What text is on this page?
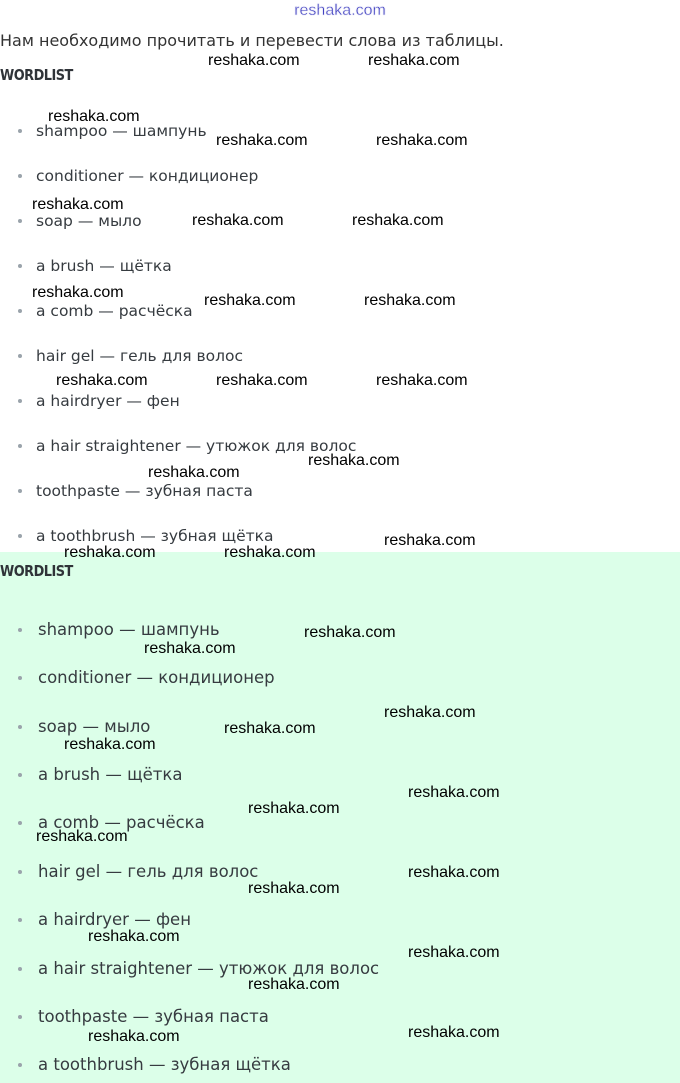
reshaka.com
Нам необходимо прочитать и перевести слова из таблицы.
WORDLIST
shampoo — шампунь
conditioner — кондиционер
soap — мыло
a brush — щётка
a comb — расчёска
hair gel — гель для волос
a hairdryer — фен
a hair straightener — утюжок для волос
toothpaste — зубная паста
a toothbrush — зубная щётка
WORDLIST
shampoo — шампунь
conditioner — кондиционер
soap — мыло
a brush — щётка
a comb — расчёска
hair gel — гель для волос
a hairdryer — фен
a hair straightener — утюжок для волос
toothpaste — зубная паста
a toothbrush — зубная щётка
reshaka.com	reshaka.com
reshaka.com
reshaka.com	reshaka.com
reshaka.com
reshaka.com	reshaka.com
reshaka.com	reshaka.com	reshaka.com
reshaka.com	reshaka.com	reshaka.com
reshaka.com
reshaka.com
reshaka.com
reshaka.com	reshaka.com
reshaka.com
reshaka.com
reshaka.com
reshaka.com
reshaka.com
reshaka.com
reshaka.com
reshaka.com
reshaka.com
reshaka.com
reshaka.com
reshaka.com
reshaka.com
reshaka.com
reshaka.com
